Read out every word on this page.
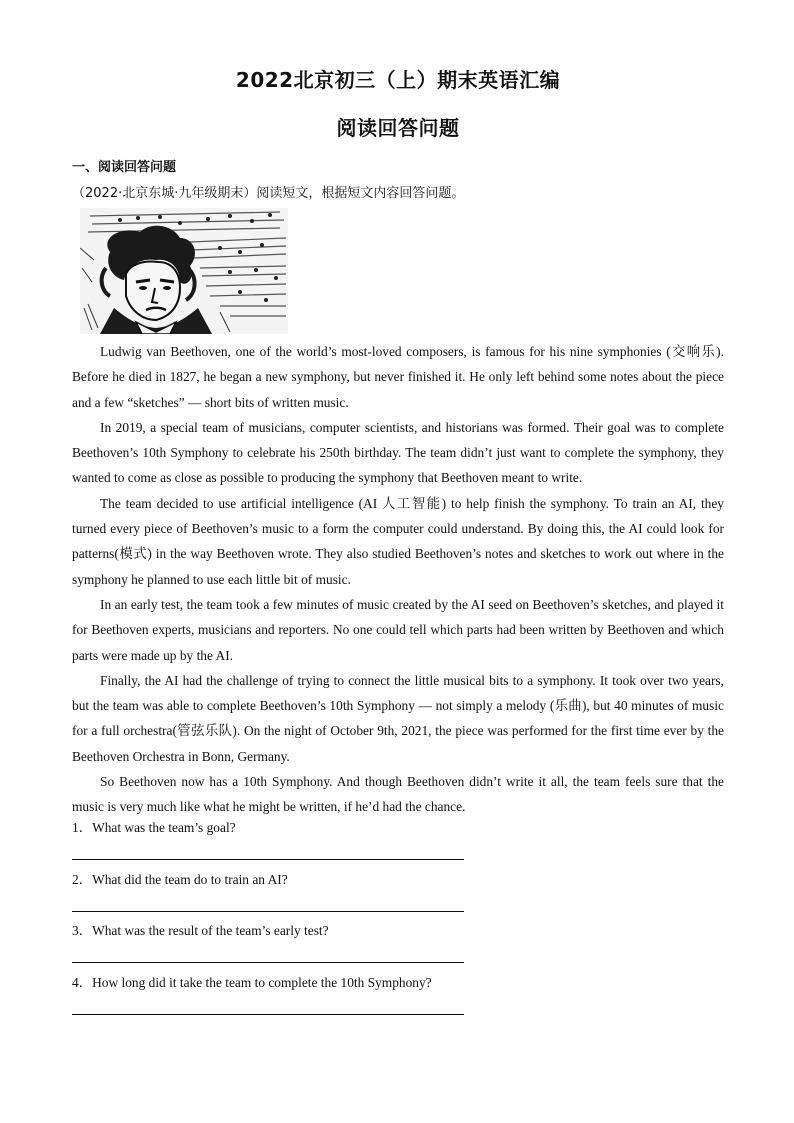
2022北京初三（上）期末英语汇编
阅读回答问题
一、阅读回答问题
（2022·北京东城·九年级期末）阅读短文，根据短文内容回答问题。

Ludwig van Beethoven, one of the world’s most-loved composers, is famous for his nine symphonies (交响乐). Before he died in 1827, he began a new symphony, but never finished it. He only left behind some notes about the piece and a few “sketches” — short bits of written music.

In 2019, a special team of musicians, computer scientists, and historians was formed. Their goal was to complete Beethoven’s 10th Symphony to celebrate his 250th birthday. The team didn’t just want to complete the symphony, they wanted to come as close as possible to producing the symphony that Beethoven meant to write.

The team decided to use artificial intelligence (AI 人工智能) to help finish the symphony. To train an AI, they turned every piece of Beethoven’s music to a form the computer could understand. By doing this, the AI could look for patterns(模式) in the way Beethoven wrote. They also studied Beethoven’s notes and sketches to work out where in the symphony he planned to use each little bit of music.

In an early test, the team took a few minutes of music created by the AI seed on Beethoven’s sketches, and played it for Beethoven experts, musicians and reporters. No one could tell which parts had been written by Beethoven and which parts were made up by the AI.

Finally, the AI had the challenge of trying to connect the little musical bits to a symphony. It took over two years, but the team was able to complete Beethoven’s 10th Symphony — not simply a melody (乐曲), but 40 minutes of music for a full orchestra(管弦乐队). On the night of October 9th, 2021, the piece was performed for the first time ever by the Beethoven Orchestra in Bonn, Germany.

So Beethoven now has a 10th Symphony. And though Beethoven didn’t write it all, the team feels sure that the music is very much like what he might be written, if he’d had the chance.

1．What was the team’s goal?
2．What did the team do to train an AI?
3．What was the result of the team’s early test?
4．How long did it take the team to complete the 10th Symphony?
